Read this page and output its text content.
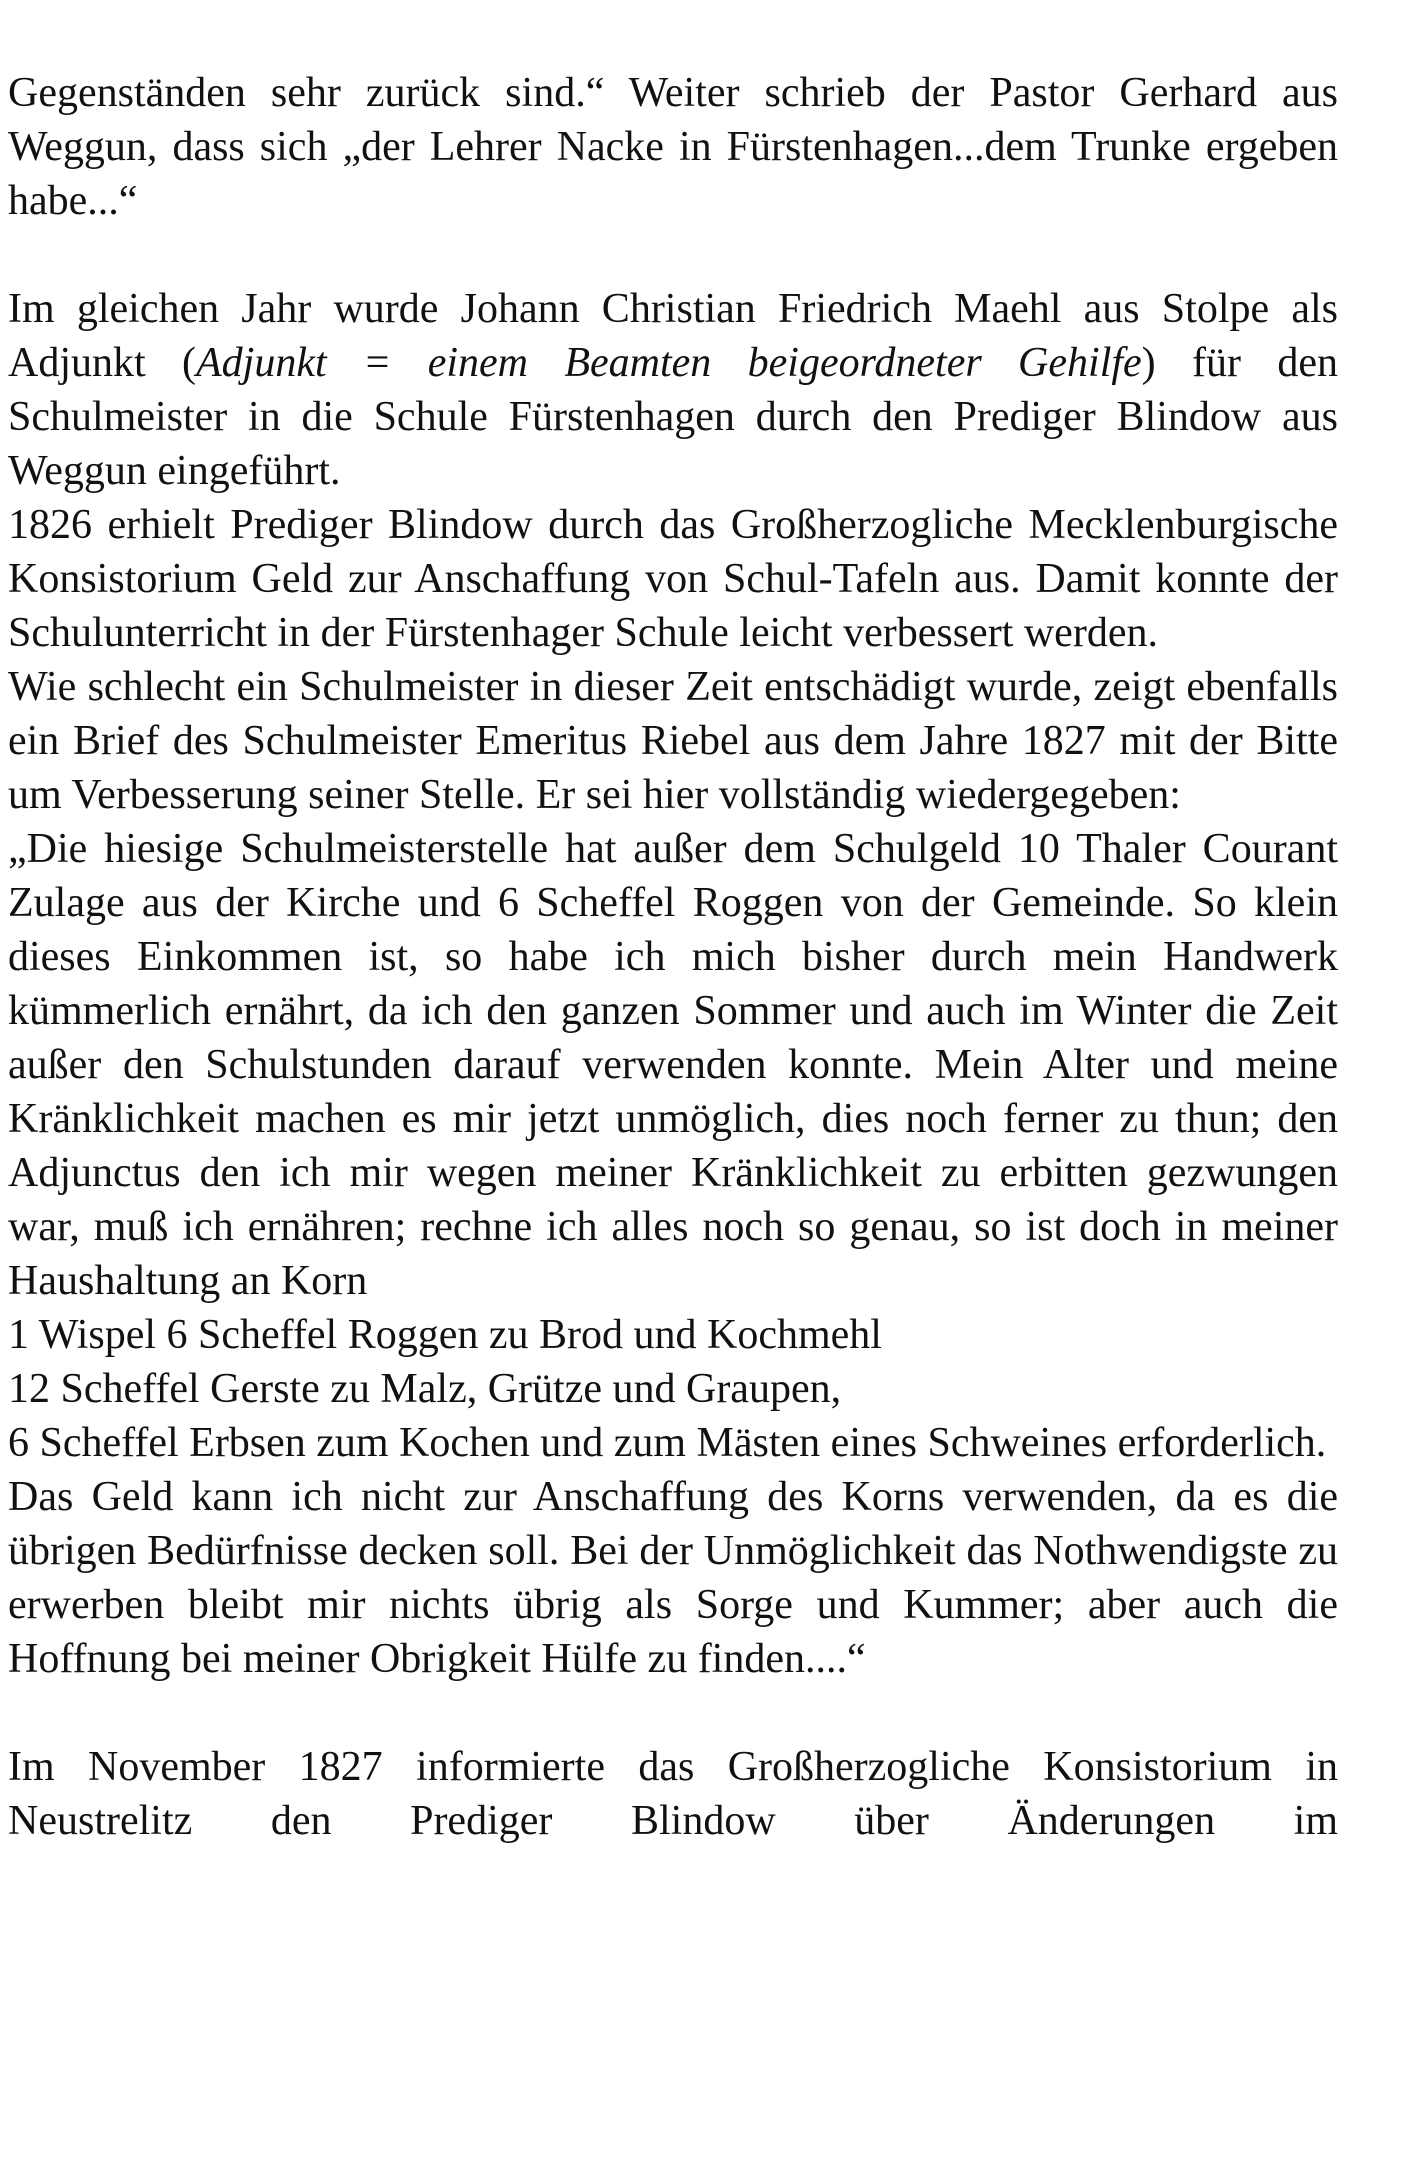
Gegenständen sehr zurück sind.“ Weiter schrieb der Pastor Gerhard aus Weggun, dass sich „der Lehrer Nacke in Fürstenhagen...dem Trunke ergeben habe...“

Im gleichen Jahr wurde Johann Christian Friedrich Maehl aus Stolpe als Adjunkt (Adjunkt = einem Beamten beigeordneter Gehilfe) für den Schulmeister in die Schule Fürstenhagen durch den Prediger Blindow aus Weggun eingeführt.

1826 erhielt Prediger Blindow durch das Großherzogliche Mecklenburgische Konsistorium Geld zur Anschaffung von Schul-Tafeln aus. Damit konnte der Schulunterricht in der Fürstenhager Schule leicht verbessert werden.

Wie schlecht ein Schulmeister in dieser Zeit entschädigt wurde, zeigt ebenfalls ein Brief des Schulmeister Emeritus Riebel aus dem Jahre 1827 mit der Bitte um Verbesserung seiner Stelle. Er sei hier vollständig wiedergegeben:

„Die hiesige Schulmeisterstelle hat außer dem Schulgeld 10 Thaler Courant Zulage aus der Kirche und 6 Scheffel Roggen von der Gemeinde. So klein dieses Einkommen ist, so habe ich mich bisher durch mein Handwerk kümmerlich ernährt, da ich den ganzen Sommer und auch im Winter die Zeit außer den Schulstunden darauf verwenden konnte. Mein Alter und meine Kränklichkeit machen es mir jetzt unmöglich, dies noch ferner zu thun; den Adjunctus den ich mir wegen meiner Kränklichkeit zu erbitten gezwungen war, muß ich ernähren; rechne ich alles noch so genau, so ist doch in meiner Haushaltung an Korn

1 Wispel 6 Scheffel Roggen zu Brod und Kochmehl

12 Scheffel Gerste zu Malz, Grütze und Graupen,

6 Scheffel Erbsen zum Kochen und zum Mästen eines Schweines erforderlich.

Das Geld kann ich nicht zur Anschaffung des Korns verwenden, da es die übrigen Bedürfnisse decken soll. Bei der Unmöglichkeit das Nothwendigste zu erwerben bleibt mir nichts übrig als Sorge und Kummer; aber auch die Hoffnung bei meiner Obrigkeit Hülfe zu finden....“

Im November 1827 informierte das Großherzogliche Konsistorium in Neustrelitz den Prediger Blindow über Änderungen im
